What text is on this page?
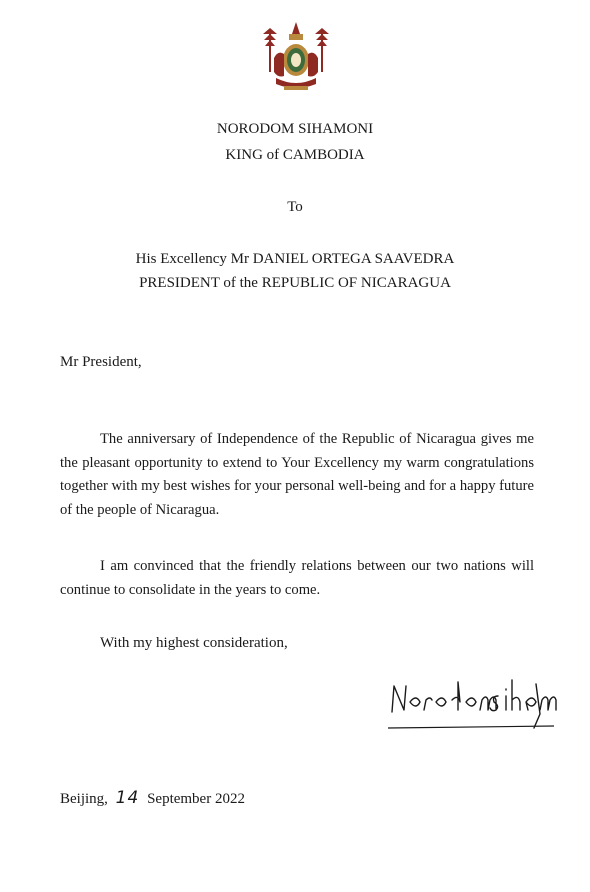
NORODOM SIHAMONI
KING of CAMBODIA
To
His Excellency Mr DANIEL ORTEGA SAAVEDRA
PRESIDENT of the REPUBLIC OF NICARAGUA
Mr President,
The anniversary of Independence of the Republic of Nicaragua gives me the pleasant opportunity to extend to Your Excellency my warm congratulations together with my best wishes for your personal well-being and for a happy future of the people of Nicaragua.
I am convinced that the friendly relations between our two nations will continue to consolidate in the years to come.
With my highest consideration,
Beijing, 14 September 2022
